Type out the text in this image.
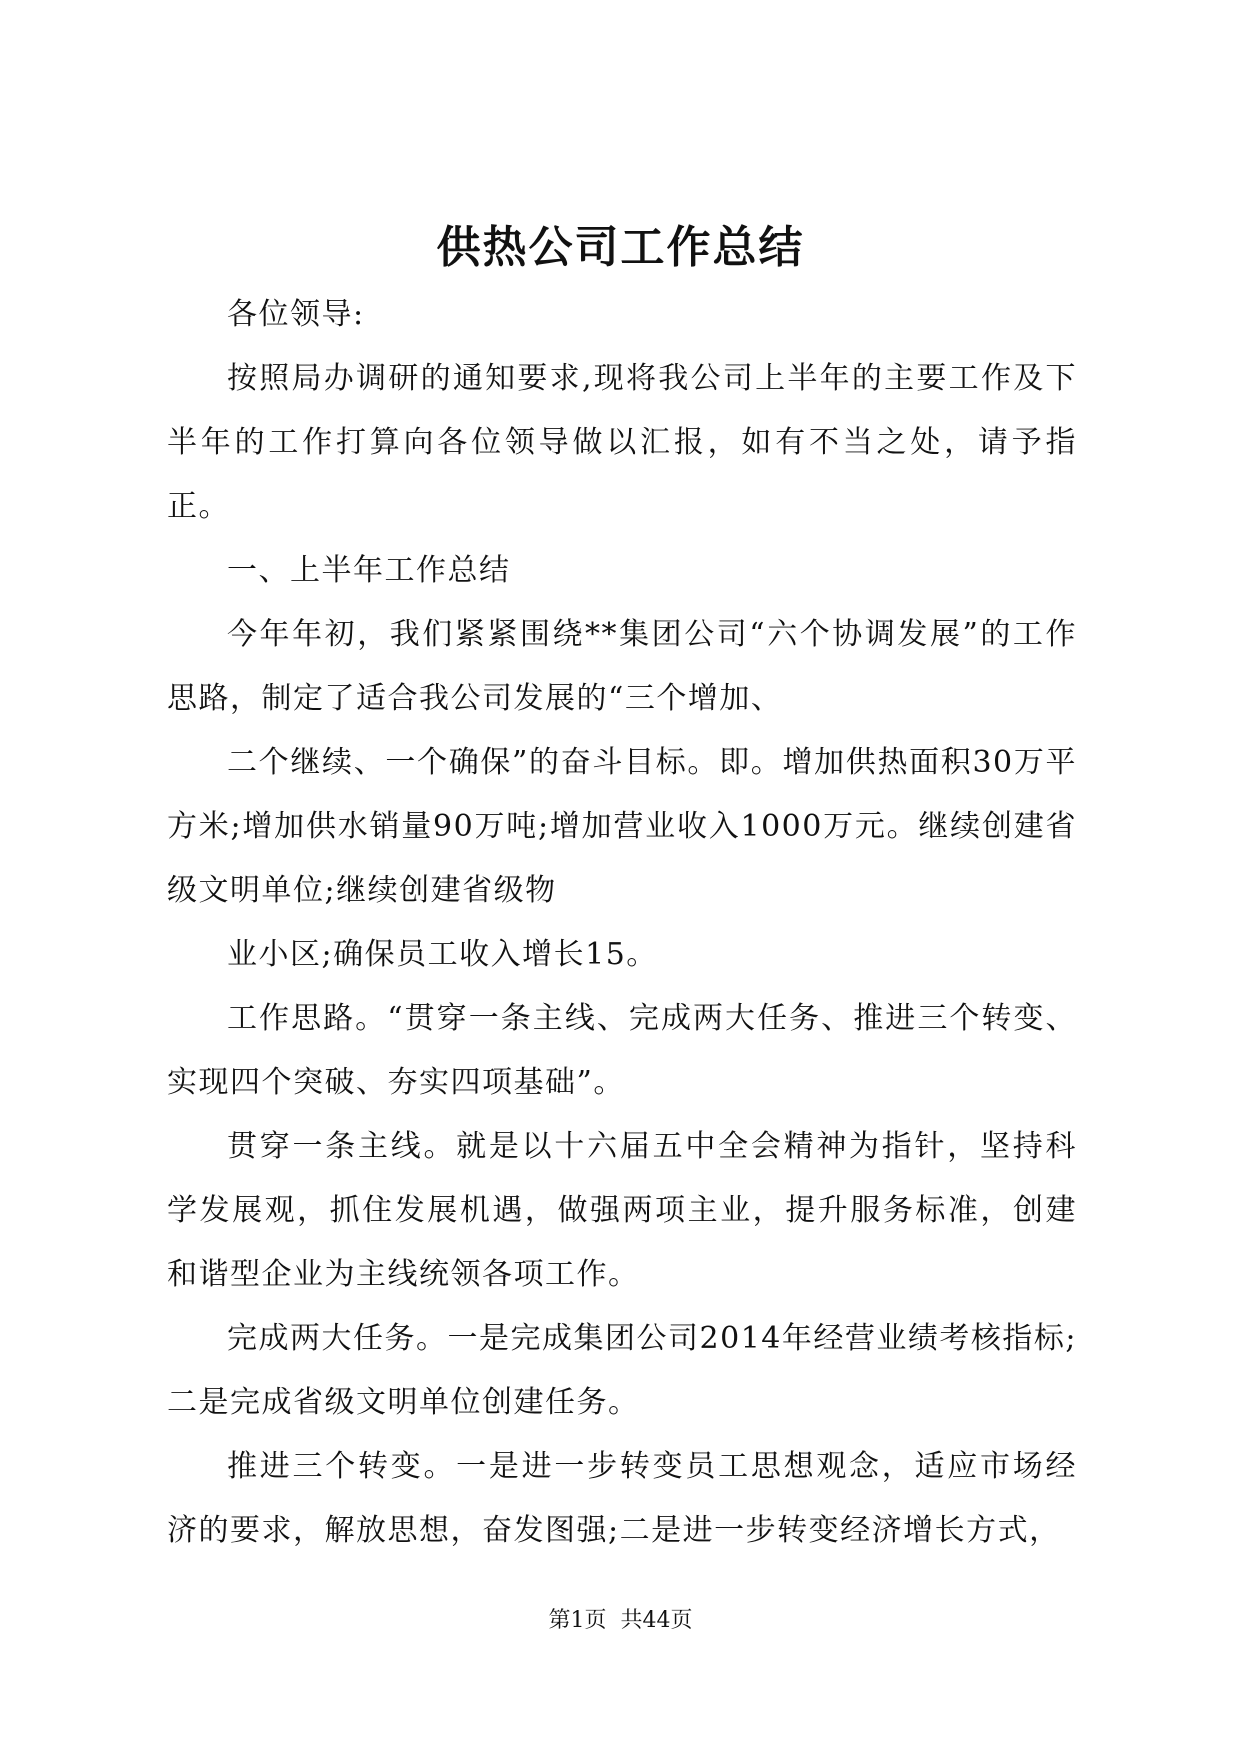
供热公司工作总结

各位领导:

按照局办调研的通知要求,现将我公司上半年的主要工作及下半年的工作打算向各位领导做以汇报，如有不当之处，请予指正。

一、上半年工作总结

今年年初，我们紧紧围绕**集团公司“六个协调发展”的工作思路，制定了适合我公司发展的“三个增加、

二个继续、一个确保”的奋斗目标。即。增加供热面积30万平方米;增加供水销量90万吨;增加营业收入1000万元。继续创建省级文明单位;继续创建省级物

业小区;确保员工收入增长15。

工作思路。“贯穿一条主线、完成两大任务、推进三个转变、实现四个突破、夯实四项基础”。

贯穿一条主线。就是以十六届五中全会精神为指针，坚持科学发展观，抓住发展机遇，做强两项主业，提升服务标准，创建和谐型企业为主线统领各项工作。

完成两大任务。一是完成集团公司2014年经营业绩考核指标;二是完成省级文明单位创建任务。

推进三个转变。一是进一步转变员工思想观念，适应市场经济的要求，解放思想，奋发图强;二是进一步转变经济增长方式，

第1页  共44页
